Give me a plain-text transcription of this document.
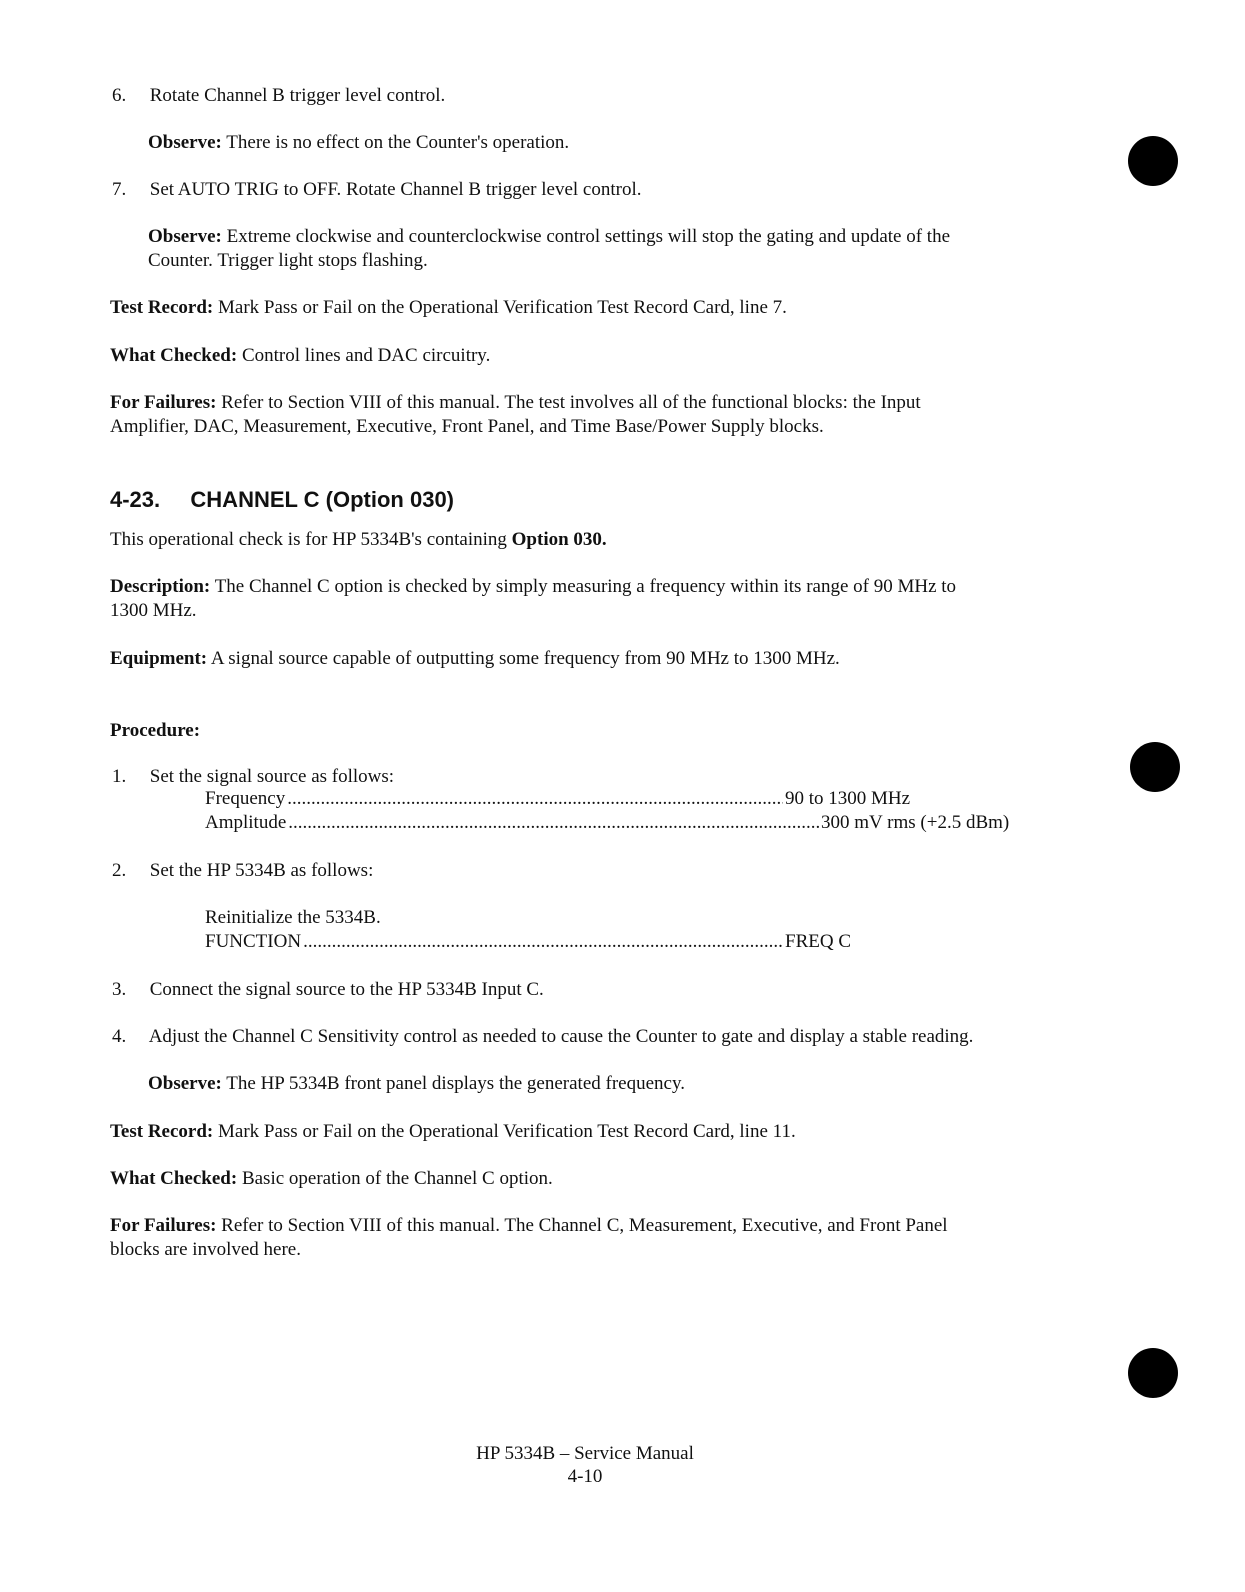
6. Rotate Channel B trigger level control.
Observe: There is no effect on the Counter's operation.
7. Set AUTO TRIG to OFF. Rotate Channel B trigger level control.
Observe: Extreme clockwise and counterclockwise control settings will stop the gating and update of the
Counter. Trigger light stops flashing.
Test Record: Mark Pass or Fail on the Operational Verification Test Record Card, line 7.
What Checked: Control lines and DAC circuitry.
For Failures: Refer to Section VIII of this manual. The test involves all of the functional blocks: the Input
Amplifier, DAC, Measurement, Executive, Front Panel, and Time Base/Power Supply blocks.
4-23. CHANNEL C (Option 030)
This operational check is for HP 5334B's containing Option 030.
Description: The Channel C option is checked by simply measuring a frequency within its range of 90 MHz to
1300 MHz.
Equipment: A signal source capable of outputting some frequency from 90 MHz to 1300 MHz.
Procedure:
1. Set the signal source as follows:
Frequency .....	90 to 1300 MHz
Amplitude .....	300 mV rms (+2.5 dBm)
2. Set the HP 5334B as follows:
Reinitialize the 5334B.
FUNCTION .....	FREQ C
3. Connect the signal source to the HP 5334B Input C.
4. Adjust the Channel C Sensitivity control as needed to cause the Counter to gate and display a stable reading.
Observe: The HP 5334B front panel displays the generated frequency.
Test Record: Mark Pass or Fail on the Operational Verification Test Record Card, line 11.
What Checked: Basic operation of the Channel C option.
For Failures: Refer to Section VIII of this manual. The Channel C, Measurement, Executive, and Front Panel
blocks are involved here.
HP 5334B – Service Manual
4-10
